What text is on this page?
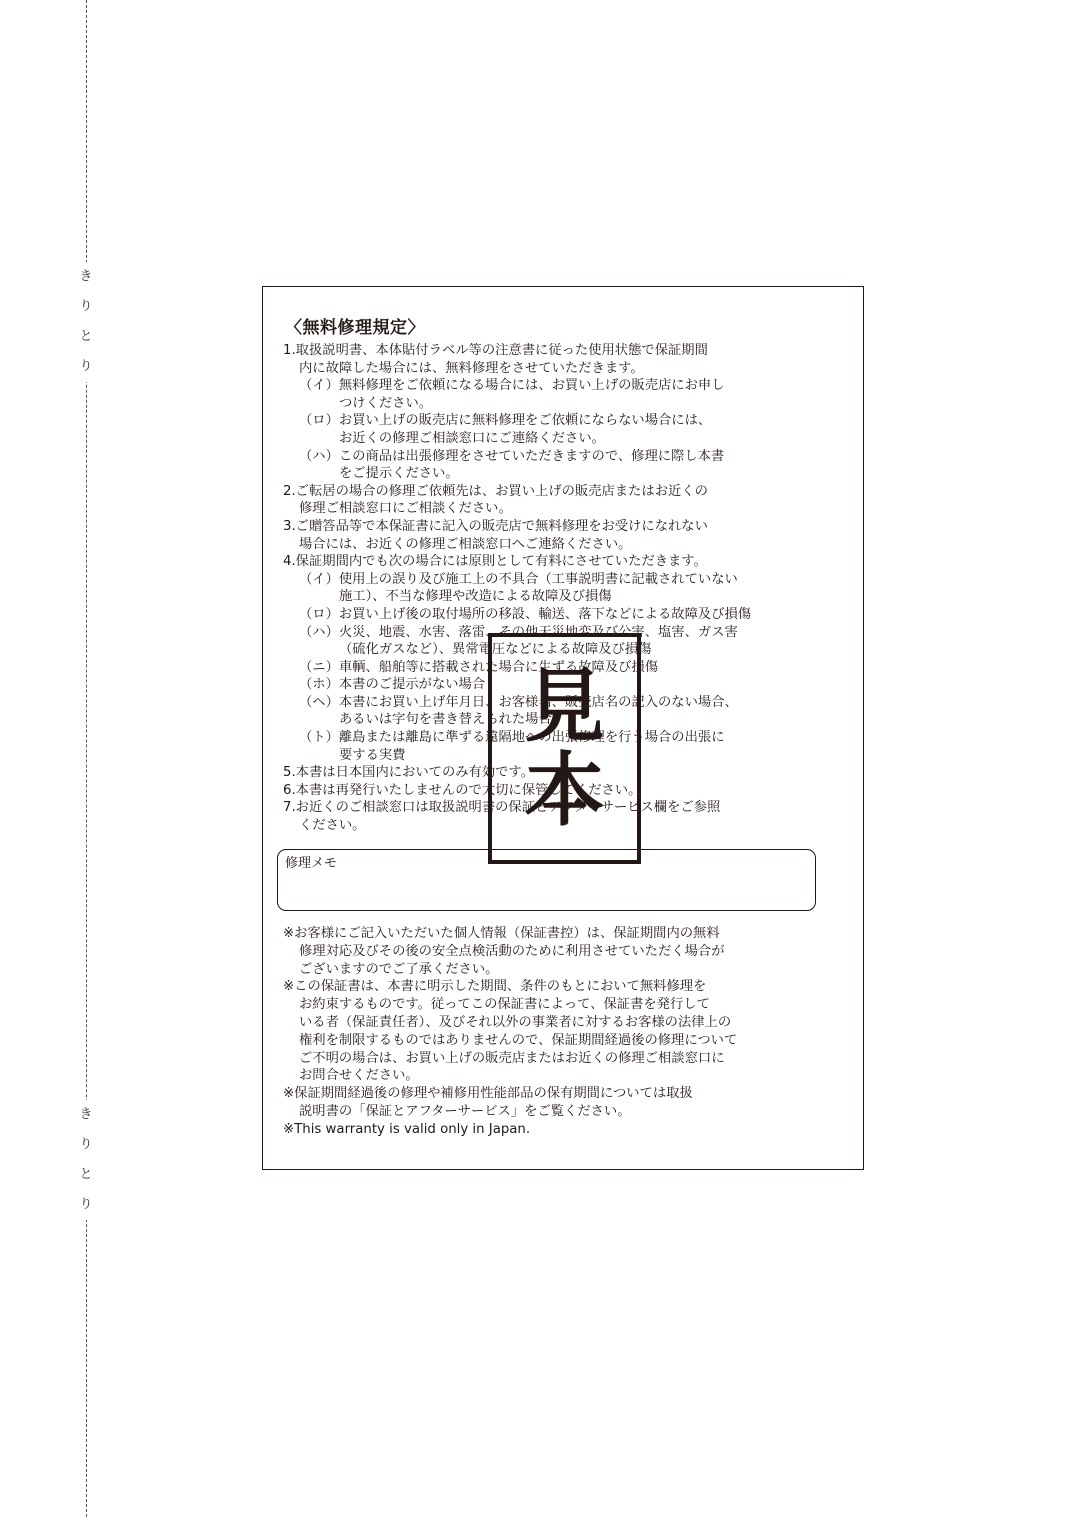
き
り
と
り
き
り
と
り
〈無料修理規定〉
1.取扱説明書、本体貼付ラベル等の注意書に従った使用状態で保証期間
内に故障した場合には、無料修理をさせていただきます。
（イ）無料修理をご依頼になる場合には、お買い上げの販売店にお申し
つけください。
（ロ）お買い上げの販売店に無料修理をご依頼にならない場合には、
お近くの修理ご相談窓口にご連絡ください。
（ハ）この商品は出張修理をさせていただきますので、修理に際し本書
をご提示ください。
2.ご転居の場合の修理ご依頼先は、お買い上げの販売店またはお近くの
修理ご相談窓口にご相談ください。
3.ご贈答品等で本保証書に記入の販売店で無料修理をお受けになれない
場合には、お近くの修理ご相談窓口へご連絡ください。
4.保証期間内でも次の場合には原則として有料にさせていただきます。
（イ）使用上の誤り及び施工上の不具合（工事説明書に記載されていない
施工）、不当な修理や改造による故障及び損傷
（ロ）お買い上げ後の取付場所の移設、輸送、落下などによる故障及び損傷
（ハ）火災、地震、水害、落雷、その他天災地変及び公害、塩害、ガス害
（硫化ガスなど）、異常電圧などによる故障及び損傷
（ニ）車輌、船舶等に搭載された場合に生ずる故障及び損傷
（ホ）本書のご提示がない場合
（ヘ）本書にお買い上げ年月日、お客様名、販売店名の記入のない場合、
あるいは字句を書き替えられた場合
（ト）離島または離島に準ずる遠隔地への出張修理を行う場合の出張に
要する実費
5.本書は日本国内においてのみ有効です。
6.本書は再発行いたしませんので大切に保管してください。
7.お近くのご相談窓口は取扱説明書の保証とアフターサービス欄をご参照
ください。
修理メモ
※お客様にご記入いただいた個人情報（保証書控）は、保証期間内の無料
修理対応及びその後の安全点検活動のために利用させていただく場合が
ございますのでご了承ください。
※この保証書は、本書に明示した期間、条件のもとにおいて無料修理を
お約束するものです。従ってこの保証書によって、保証書を発行して
いる者（保証責任者）、及びそれ以外の事業者に対するお客様の法律上の
権利を制限するものではありませんので、保証期間経過後の修理について
ご不明の場合は、お買い上げの販売店またはお近くの修理ご相談窓口に
お問合せください。
※保証期間経過後の修理や補修用性能部品の保有期間については取扱
説明書の「保証とアフターサービス」をご覧ください。
※This warranty is valid only in Japan.
見
本
